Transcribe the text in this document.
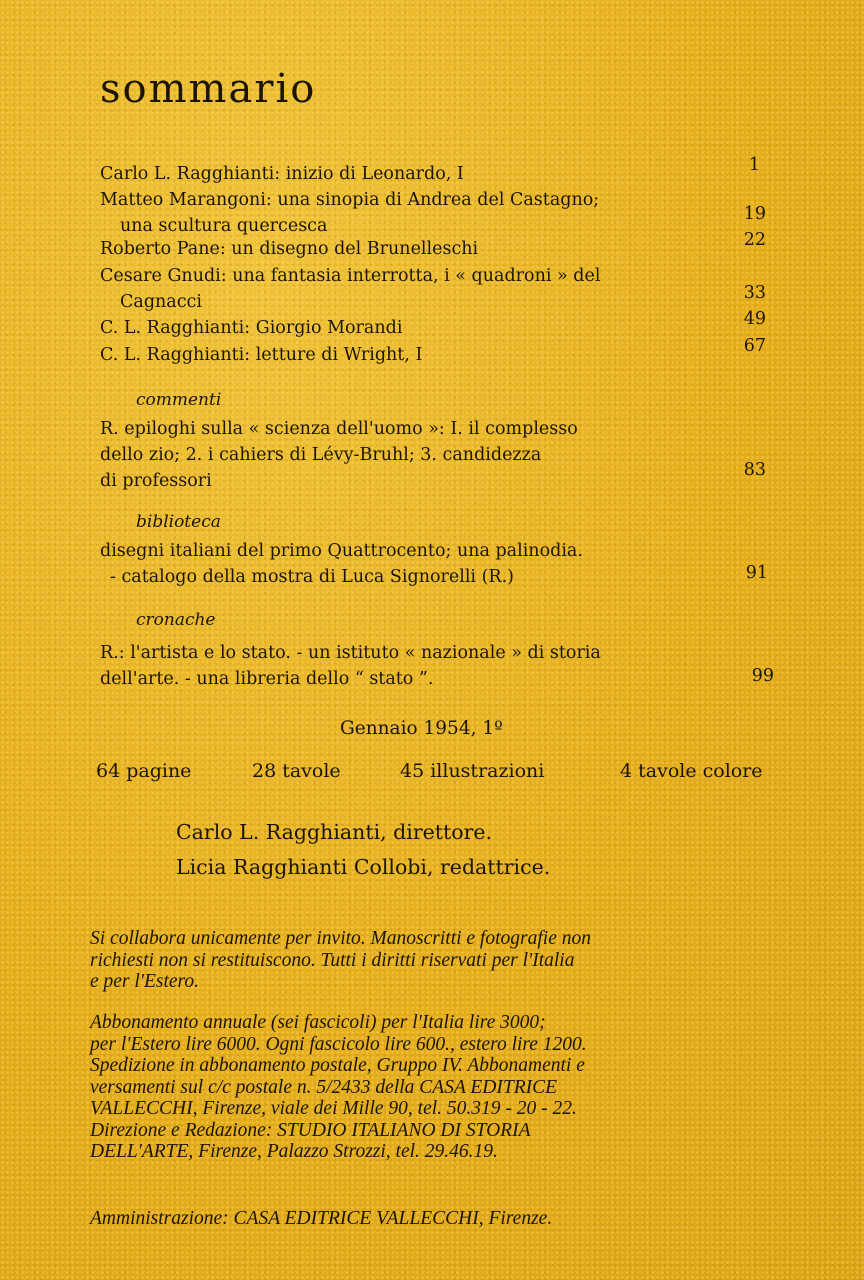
sommario
Carlo L. Ragghianti: inizio di Leonardo, I	1
Matteo Marangoni: una sinopia di Andrea del Castagno;
una scultura quercesca
19
Roberto Pane: un disegno del Brunelleschi	22
Cesare Gnudi: una fantasia interrotta, i « quadroni » del
Cagnacci	33
C. L. Ragghianti: Giorgio Morandi	49
C. L. Ragghianti: letture di Wright, I	67
commenti
R. epiloghi sulla « scienza dell'uomo »: I. il complesso
dello zio; 2. i cahiers di Lévy-Bruhl; 3. candidezza
di professori
83
biblioteca
disegni italiani del primo Quattrocento; una palinodia.
- catalogo della mostra di Luca Signorelli (R.)	91
cronache
R.: l'artista e lo stato. - un istituto « nazionale » di storia
dell'arte. - una libreria dello “ stato ”.	99
Gennaio 1954, 1º
64 pagine	28 tavole	45 illustrazioni	4 tavole colore
Carlo L. Ragghianti, direttore.
Licia Ragghianti Collobi, redattrice.
Si collabora unicamente per invito. Manoscritti e fotografie non
richiesti non si restituiscono. Tutti i diritti riservati per l'Italia
e per l'Estero.
Abbonamento annuale (sei fascicoli) per l'Italia lire 3000;
per l'Estero lire 6000. Ogni fascicolo lire 600., estero lire 1200.
Spedizione in abbonamento postale, Gruppo IV. Abbonamenti e
versamenti sul c/c postale n. 5/2433 della CASA EDITRICE
VALLECCHI, Firenze, viale dei Mille 90, tel. 50.319 - 20 - 22.
Direzione e Redazione: STUDIO ITALIANO DI STORIA
DELL'ARTE, Firenze, Palazzo Strozzi, tel. 29.46.19.
Amministrazione: CASA EDITRICE VALLECCHI, Firenze.
